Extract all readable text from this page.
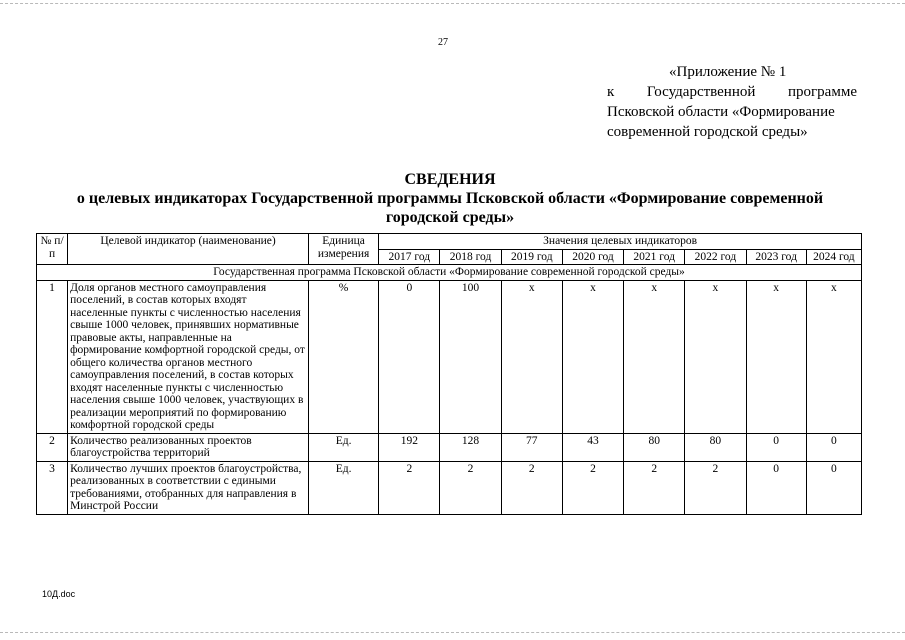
27
«Приложение № 1
к Государственной программе
Псковской области «Формирование
современной городской среды»
СВЕДЕНИЯ
о целевых индикаторах Государственной программы Псковской области «Формирование современной
городской среды»
№ п/п	Целевой индикатор (наименование)	Единица измерения	Значения целевых индикаторов							
			2017 год	2018 год	2019 год	2020 год	2021 год	2022 год	2023 год	2024 год
Государственная программа Псковской области «Формирование современной городской среды»										
1	Доля органов местного самоуправления поселений, в состав которых входят населенные пункты с численностью населения свыше 1000 человек, принявших нормативные правовые акты, направленные на формирование комфортной городской среды, от общего количества органов местного самоуправления поселений, в состав которых входят населенные пункты с численностью населения свыше 1000 человек, участвующих в реализации мероприятий по формированию комфортной городской среды	%	0	100	x	x	x	x	x	x
2	Количество реализованных проектов благоустройства территорий	Ед.	192	128	77	43	80	80	0	0
3	Количество лучших проектов благоустройства, реализованных в соответствии с едиными требованиями, отобранных для направления в Минстрой России	Ед.	2	2	2	2	2	2	0	0
10Д.doc
